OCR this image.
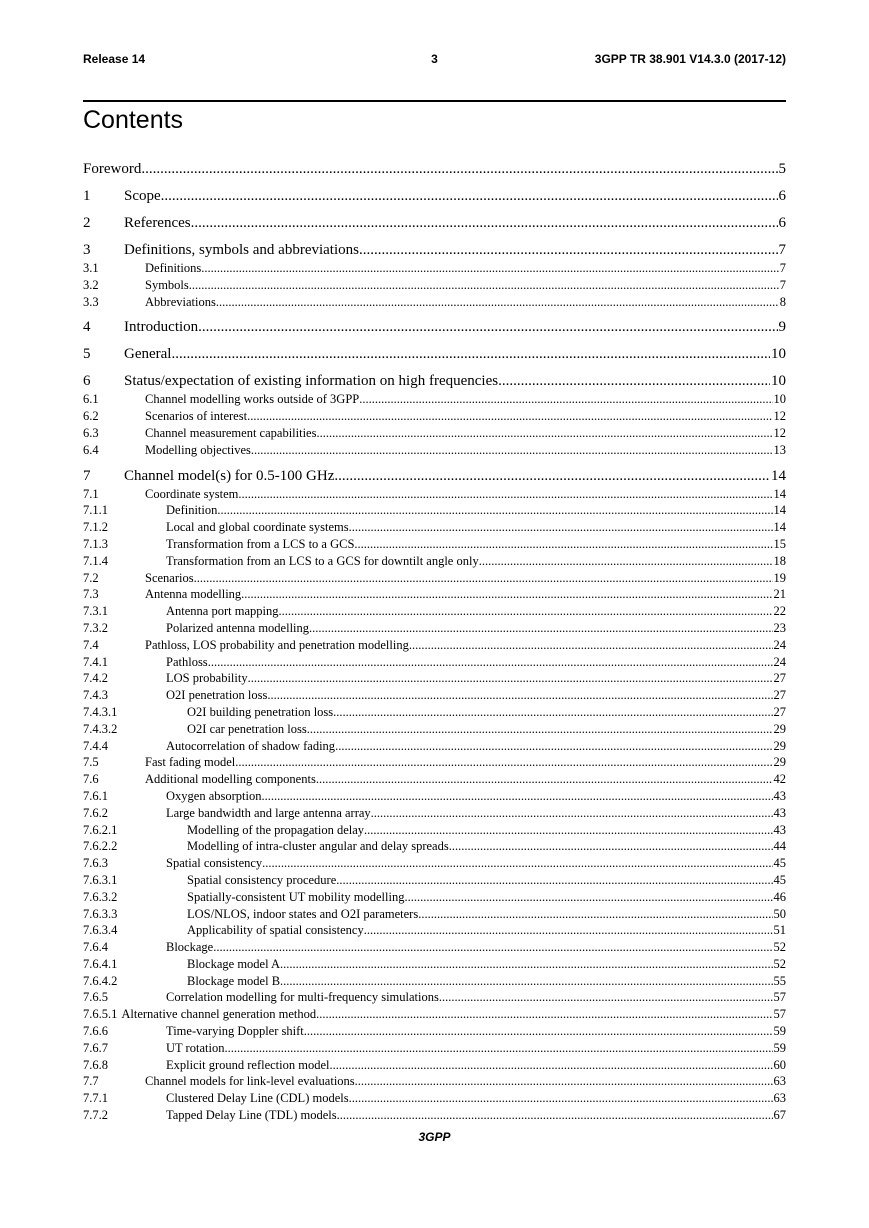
Release 14	3	3GPP TR 38.901 V14.3.0 (2017-12)
Contents
Foreword .....	5
1	Scope .....	6
2	References .....	6
3	Definitions, symbols and abbreviations .....	7
3.1	Definitions .....	7
3.2	Symbols .....	7
3.3	Abbreviations .....	8
4	Introduction .....	9
5	General .....	10
6	Status/expectation of existing information on high frequencies .....	10
6.1	Channel modelling works outside of 3GPP .....	10
6.2	Scenarios of interest .....	12
6.3	Channel measurement capabilities .....	12
6.4	Modelling objectives .....	13
7	Channel model(s) for 0.5-100 GHz .....	14
7.1	Coordinate system .....	14
7.1.1	Definition .....	14
7.1.2	Local and global coordinate systems .....	14
7.1.3	Transformation from a LCS to a GCS .....	15
7.1.4	Transformation from an LCS to a GCS for downtilt angle only .....	18
7.2	Scenarios .....	19
7.3	Antenna modelling .....	21
7.3.1	Antenna port mapping .....	22
7.3.2	Polarized antenna modelling .....	23
7.4	Pathloss, LOS probability and penetration modelling .....	24
7.4.1	Pathloss .....	24
7.4.2	LOS probability .....	27
7.4.3	O2I penetration loss .....	27
7.4.3.1	O2I building penetration loss .....	27
7.4.3.2	O2I car penetration loss .....	29
7.4.4	Autocorrelation of shadow fading .....	29
7.5	Fast fading model .....	29
7.6	Additional modelling components .....	42
7.6.1	Oxygen absorption .....	43
7.6.2	Large bandwidth and large antenna array .....	43
7.6.2.1	Modelling of the propagation delay .....	43
7.6.2.2	Modelling of intra-cluster angular and delay spreads .....	44
7.6.3	Spatial consistency .....	45
7.6.3.1	Spatial consistency procedure .....	45
7.6.3.2	Spatially-consistent UT mobility modelling .....	46
7.6.3.3	LOS/NLOS, indoor states and O2I parameters .....	50
7.6.3.4	Applicability of spatial consistency .....	51
7.6.4	Blockage .....	52
7.6.4.1	Blockage model A .....	52
7.6.4.2	Blockage model B .....	55
7.6.5	Correlation modelling for multi-frequency simulations .....	57
7.6.5.1 Alternative channel generation method .....	57
7.6.6	Time-varying Doppler shift .....	59
7.6.7	UT rotation .....	59
7.6.8	Explicit ground reflection model .....	60
7.7	Channel models for link-level evaluations .....	63
7.7.1	Clustered Delay Line (CDL) models .....	63
7.7.2	Tapped Delay Line (TDL) models .....	67
3GPP
